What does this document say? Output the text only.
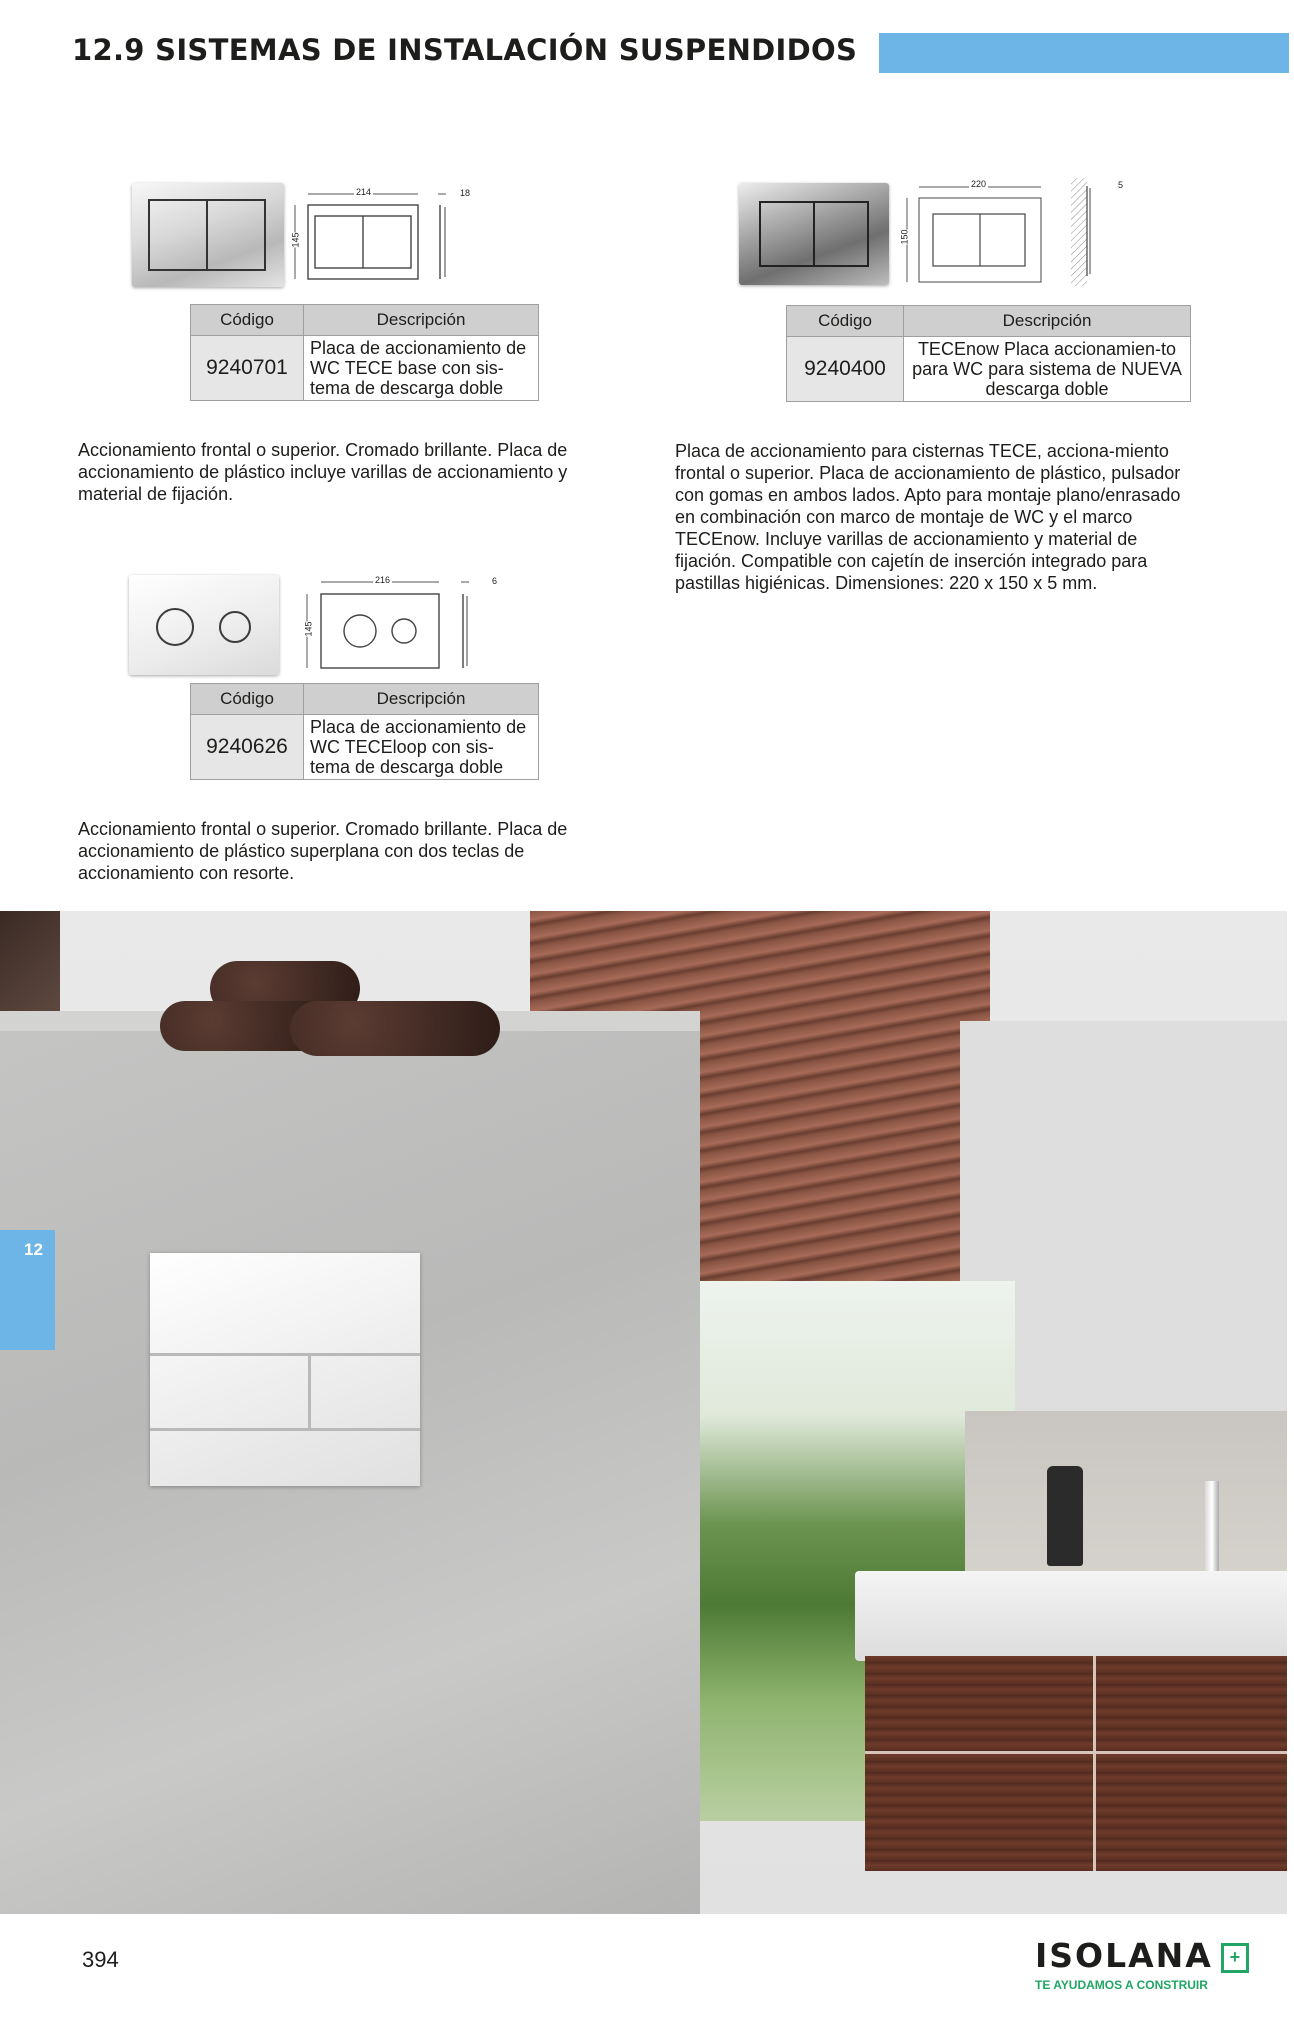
12.9 SISTEMAS DE INSTALACIÓN SUSPENDIDOS
214
145
18
Código	Descripción
9240701	Placa de accionamiento de WC TECE base con sis-tema de descarga doble
Accionamiento frontal o superior. Cromado brillante. Placa de accionamiento de plástico incluye varillas de accionamiento y material de fijación.
216
145
6
Código	Descripción
9240626	Placa de accionamiento de WC TECEloop con sis-tema de descarga doble
Accionamiento frontal o superior. Cromado brillante. Placa de accionamiento de plástico superplana con dos teclas de accionamiento con resorte.
220
150
5
Código	Descripción
9240400	TECEnow Placa accionamien-to para WC para sistema de NUEVA descarga doble
Placa de accionamiento para cisternas TECE, acciona-miento frontal o superior. Placa de accionamiento de plástico, pulsador con gomas en ambos lados. Apto para montaje plano/enrasado en combinación con marco de montaje de WC y el marco TECEnow. Incluye varillas de accionamiento y material de fijación. Compatible con cajetín de inserción integrado para pastillas higiénicas. Dimensiones: 220 x 150 x 5 mm.
12
394	ISOLANA +
TE AYUDAMOS A CONSTRUIR
